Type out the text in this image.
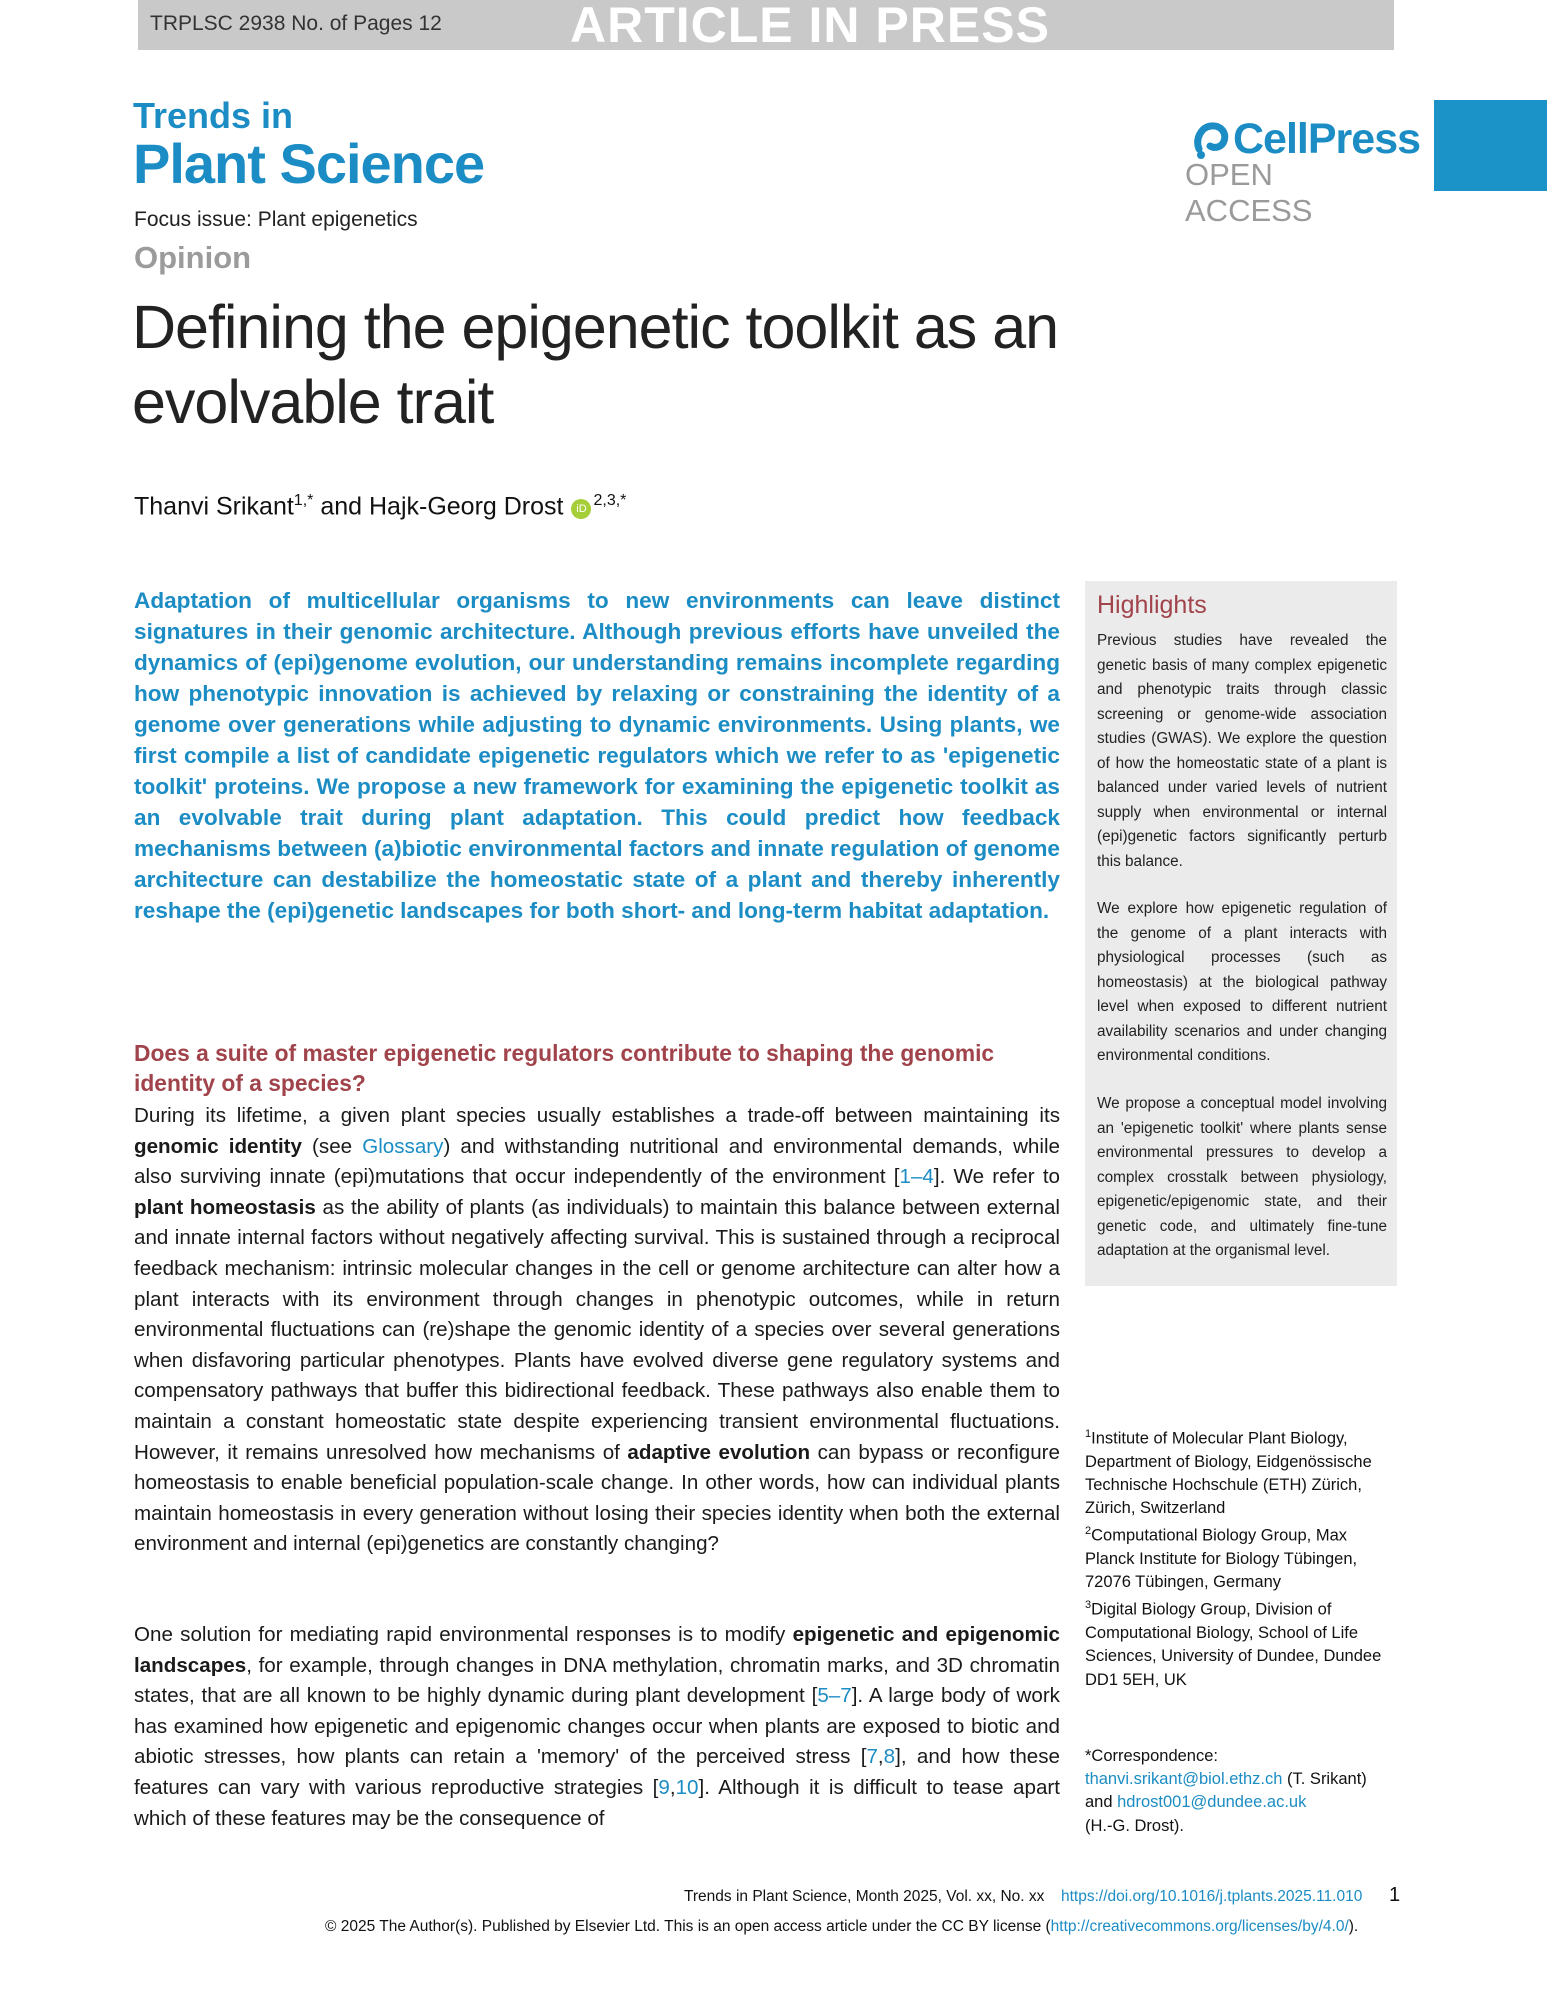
TRPLSC 2938 No. of Pages 12	ARTICLE IN PRESS
Trends in
Plant Science	CellPress
OPEN ACCESS
Focus issue: Plant epigenetics
Opinion
Defining the epigenetic toolkit as an evolvable trait
Thanvi Srikant$^{1,*}$ and Hajk-Georg Drost $iD^{2,3,*}$
Adaptation of multicellular organisms to new environments can leave distinct signatures in their genomic architecture. Although previous efforts have unveiled the dynamics of (epi)genome evolution, our understanding remains incomplete regarding how phenotypic innovation is achieved by relaxing or constraining the identity of a genome over generations while adjusting to dynamic environments. Using plants, we first compile a list of candidate epigenetic regulators which we refer to as 'epigenetic toolkit' proteins. We propose a new framework for examining the epigenetic toolkit as an evolvable trait during plant adaptation. This could predict how feedback mechanisms between (a)biotic environmental factors and innate regulation of genome architecture can destabilize the homeostatic state of a plant and thereby inherently reshape the (epi)genetic landscapes for both short- and long-term habitat adaptation.
Highlights
Previous studies have revealed the genetic basis of many complex epigenetic and phenotypic traits through classic screening or genome-wide association studies (GWAS). We explore the question of how the homeostatic state of a plant is balanced under varied levels of nutrient supply when environmental or internal (epi)genetic factors significantly perturb this balance.
We explore how epigenetic regulation of the genome of a plant interacts with physiological processes (such as homeostasis) at the biological pathway level when exposed to different nutrient availability scenarios and under changing environmental conditions.
We propose a conceptual model involving an 'epigenetic toolkit' where plants sense environmental pressures to develop a complex crosstalk between physiology, epigenetic/epigenomic state, and their genetic code, and ultimately fine-tune adaptation at the organismal level.
Does a suite of master epigenetic regulators contribute to shaping the genomic identity of a species?
During its lifetime, a given plant species usually establishes a trade-off between maintaining its genomic identity (see Glossary) and withstanding nutritional and environmental demands, while also surviving innate (epi)mutations that occur independently of the environment [1–4]. We refer to plant homeostasis as the ability of plants (as individuals) to maintain this balance between external and innate internal factors without negatively affecting survival. This is sustained through a reciprocal feedback mechanism: intrinsic molecular changes in the cell or genome architecture can alter how a plant interacts with its environment through changes in phenotypic outcomes, while in return environmental fluctuations can (re)shape the genomic identity of a species over several generations when disfavoring particular phenotypes. Plants have evolved diverse gene regulatory systems and compensatory pathways that buffer this bidirectional feedback. These pathways also enable them to maintain a constant homeostatic state despite experiencing transient environmental fluctuations. However, it remains unresolved how mechanisms of adaptive evolution can bypass or reconfigure homeostasis to enable beneficial population-scale change. In other words, how can individual plants maintain homeostasis in every generation without losing their species identity when both the external environment and internal (epi)genetics are constantly changing?
One solution for mediating rapid environmental responses is to modify epigenetic and epigenomic landscapes, for example, through changes in DNA methylation, chromatin marks, and 3D chromatin states, that are all known to be highly dynamic during plant development [5–7]. A large body of work has examined how epigenetic and epigenomic changes occur when plants are exposed to biotic and abiotic stresses, how plants can retain a 'memory' of the perceived stress [7,8], and how these features can vary with various reproductive strategies [9,10]. Although it is difficult to tease apart which of these features may be the consequence of
$^1$Institute of Molecular Plant Biology, Department of Biology, Eidgenössische Technische Hochschule (ETH) Zürich, Zürich, Switzerland
$^2$Computational Biology Group, Max Planck Institute for Biology Tübingen, 72076 Tübingen, Germany
$^3$Digital Biology Group, Division of Computational Biology, School of Life Sciences, University of Dundee, Dundee DD1 5EH, UK
*Correspondence:
thanvi.srikant@biol.ethz.ch (T. Srikant)
and hdrost001@dundee.ac.uk
(H.-G. Drost).
Trends in Plant Science, Month 2025, Vol. xx, No. xx https://doi.org/10.1016/j.tplants.2025.11.010 1
© 2025 The Author(s). Published by Elsevier Ltd. This is an open access article under the CC BY license (http://creativecommons.org/licenses/by/4.0/).
